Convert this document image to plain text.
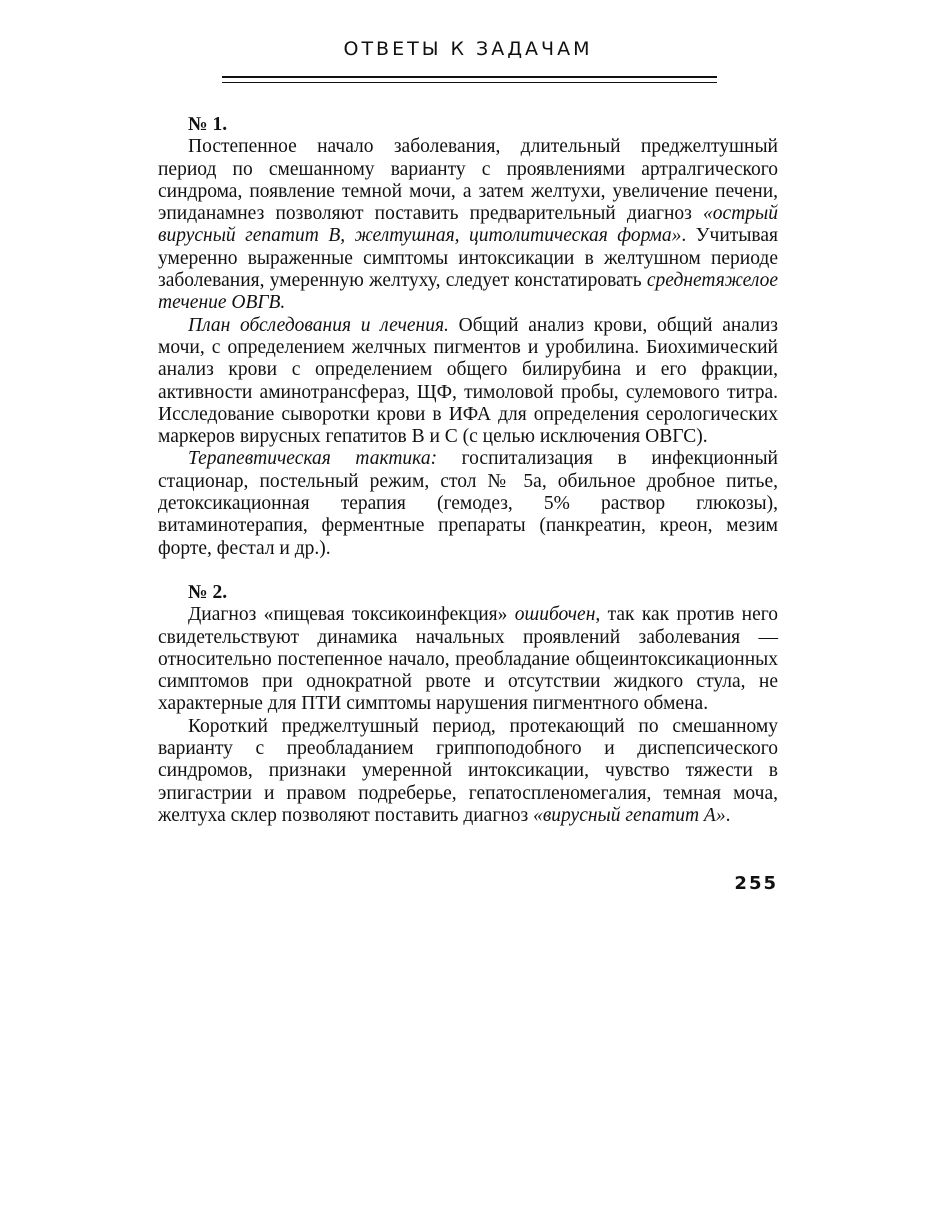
ОТВЕТЫ К ЗАДАЧАМ

№ 1.

Постепенное начало заболевания, длительный преджелтушный период по смешанному варианту с проявлениями артралгического синдрома, появление темной мочи, а затем желтухи, увеличение печени, эпиданамнез позволяют поставить предварительный диагноз «острый вирусный гепатит В, желтушная, цитолитическая форма». Учитывая умеренно выраженные симптомы интоксикации в желтушном периоде заболевания, умеренную желтуху, следует констатировать среднетяжелое течение ОВГВ.

План обследования и лечения. Общий анализ крови, общий анализ мочи, с определением желчных пигментов и уробилина. Биохимический анализ крови с определением общего билирубина и его фракции, активности аминотрансфераз, ЩФ, тимоловой пробы, сулемового титра. Исследование сыворотки крови в ИФА для определения серологических маркеров вирусных гепатитов В и С (с целью исключения ОВГС).

Терапевтическая тактика: госпитализация в инфекционный стационар, постельный режим, стол № 5а, обильное дробное питье, детоксикационная терапия (гемодез, 5% раствор глюкозы), витаминотерапия, ферментные препараты (панкреатин, креон, мезим форте, фестал и др.).

№ 2.

Диагноз «пищевая токсикоинфекция» ошибочен, так как против него свидетельствуют динамика начальных проявлений заболевания — относительно постепенное начало, преобладание общеинтоксикационных симптомов при однократной рвоте и отсутствии жидкого стула, не характерные для ПТИ симптомы нарушения пигментного обмена.

Короткий преджелтушный период, протекающий по смешанному варианту с преобладанием гриппоподобного и диспепсического синдромов, признаки умеренной интоксикации, чувство тяжести в эпигастрии и правом подреберье, гепатоспленомегалия, темная моча, желтуха склер позволяют поставить диагноз «вирусный гепатит А».

255
